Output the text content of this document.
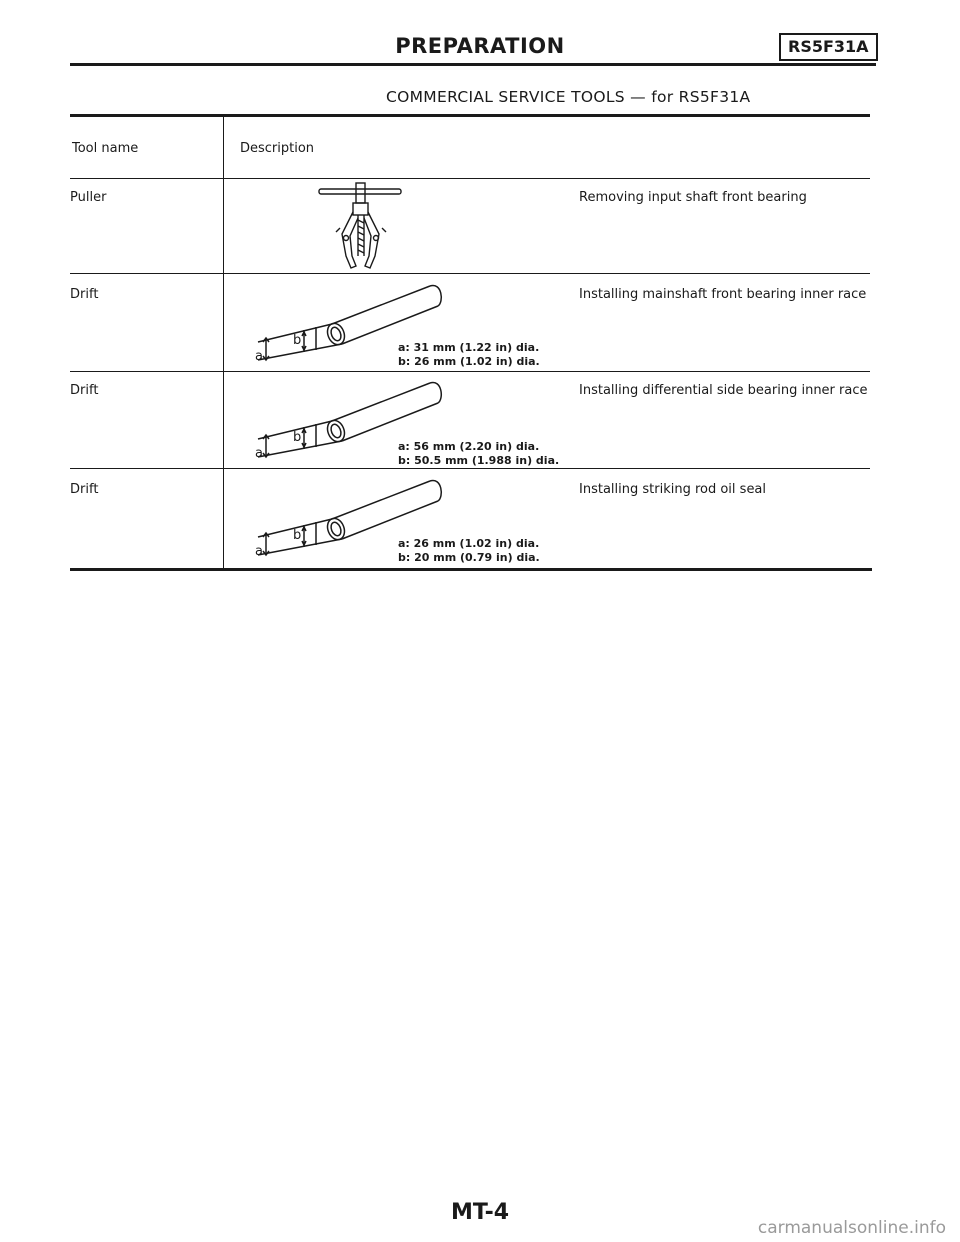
PREPARATION	RS5F31A
COMMERCIAL SERVICE TOOLS — for RS5F31A
Tool name	Description
Puller	Removing input shaft front bearing
Drift	Installing mainshaft front bearing inner race
b
a
a: 31 mm (1.22 in) dia.
b: 26 mm (1.02 in) dia.
Drift	Installing differential side bearing inner race
b
a	a: 56 mm (2.20 in) dia.
b: 50.5 mm (1.988 in) dia.
Drift	Installing striking rod oil seal
b
a
a: 26 mm (1.02 in) dia.
b: 20 mm (0.79 in) dia.
MT-4
carmanualsonline.info
